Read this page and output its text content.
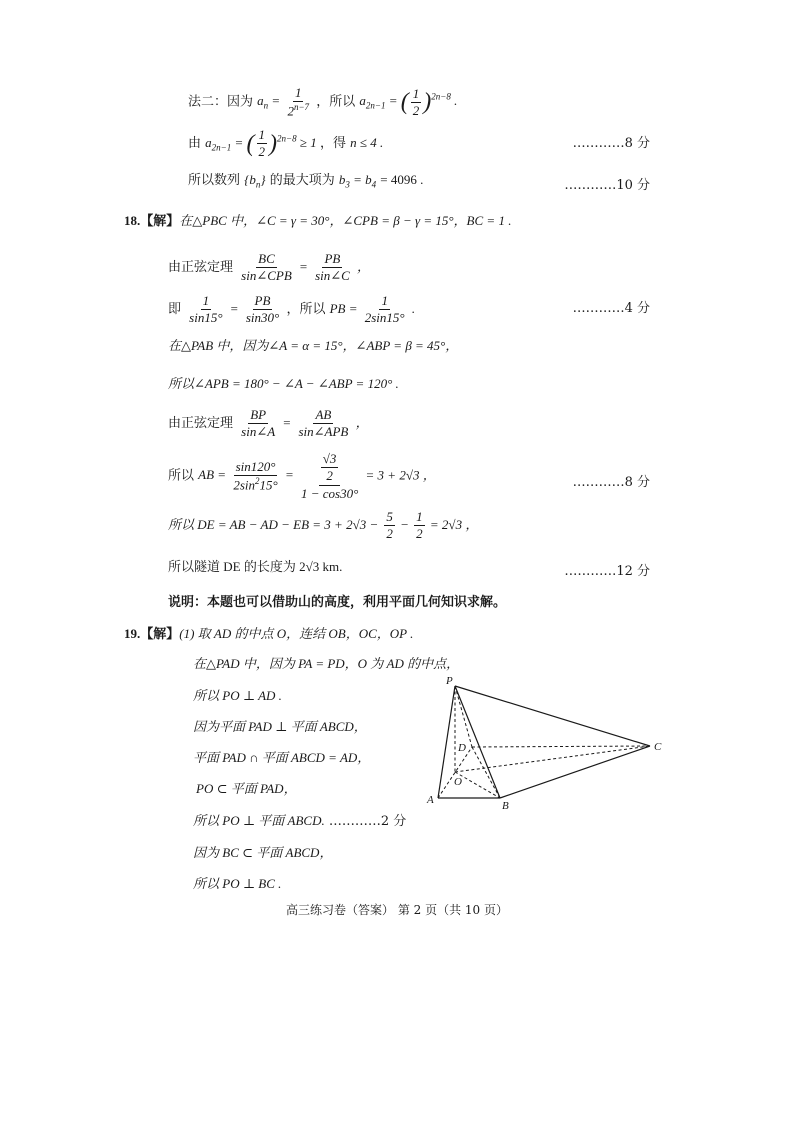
法二：因为 $a_n = \frac{1}{2^{n-7}}$ ，所以 $a_{2n-1}$ = ( $\frac{1}{2} )^{2n-8}$ .
由 $a_{2n-1}$ = ( $\frac{1}{2} )^{2n-8} \ge 1$ ，得 n ≤ 4 .	…………8 分
所以数列 $\{b_n\}$ 的最大项为 $b_3 = b_4 = 4096$ .	…………10 分
18.【解】在△PBC 中，∠C = γ = 30°，∠CPB = β − γ = 15°，BC = 1 .
由正弦定理 $\frac{BC}{\text{sin∠CPB}} = \frac{PB}{\sin\angle C}$ ，
即 $\frac{1}{\sin 15^\circ} = \frac{PB}{\sin 30^\circ}$ ，所以 PB = $\frac{1}{2\sin 15^\circ}$ .	…………4 分
在△PAB 中，因为∠A = α = 15°，∠ABP = β = 45°，
所以∠APB = 180° − ∠A − ∠ABP = 120° .
由正弦定理 $\frac{BP}{\sin\angle A} = \frac{AB}{\text{sin∠APB}}$ ，
所以 AB = $\frac{\sin 120^\circ}{2\sin^215^\circ} = \frac{\frac{√3}{2}}{1 - \cos 30^\circ} = 3 + 2√3$ ，
…………8 分
所以 DE = AB − AD − EB = $3 + 2√3 - \frac{5}{2} - \frac{1}{2} = 2√3$ ，
所以隧道 DE 的长度为 2√3 km.	…………12 分
说明：本题也可以借助山的高度，利用平面几何知识求解。
19.【解】(1) 取 AD 的中点 O，连结 OB，OC，OP .
在△PAD 中，因为 PA = PD，O 为 AD 的中点，
所以 PO ⊥ AD .
因为平面 PAD ⊥ 平面 ABCD，
平面 PAD ∩ 平面 ABCD = AD，
PO ⊂ 平面 PAD，
所以 PO ⊥ 平面 ABCD. …………2 分
因为 BC ⊂ 平面 ABCD，
所以 PO ⊥ BC .
P
D
O
A	B
C
高三练习卷（答案） 第 2 页（共 10 页）
